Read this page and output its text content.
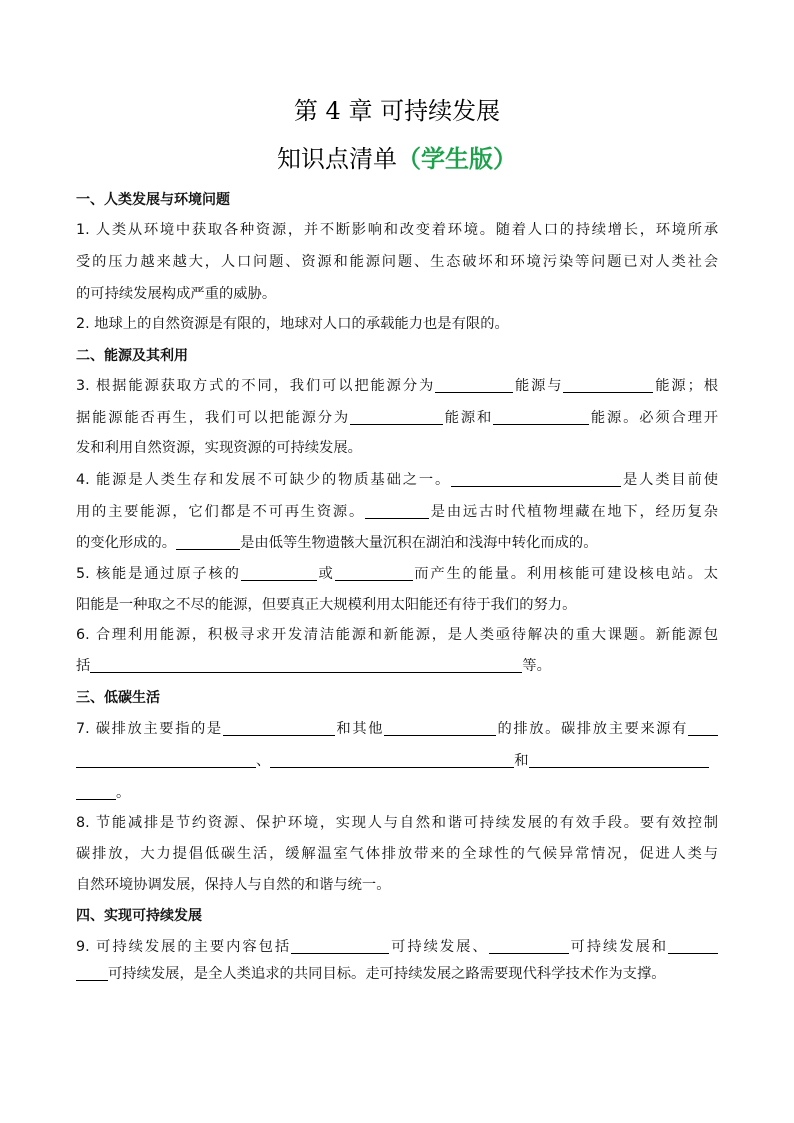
第 4 章 可持续发展
知识点清单（学生版）
一、人类发展与环境问题
1. 人类从环境中获取各种资源，并不断影响和改变着环境。随着人口的持续增长，环境所承
受的压力越来越大，人口问题、资源和能源问题、生态破坏和环境污染等问题已对人类社会
的可持续发展构成严重的威胁。
2. 地球上的自然资源是有限的，地球对人口的承载能力也是有限的。
二、能源及其利用
3. 根据能源获取方式的不同，我们可以把能源分为	能源与	能源；根
据能源能否再生，我们可以把能源分为	能源和	能源。必须合理开
发和利用自然资源，实现资源的可持续发展。
4. 能源是人类生存和发展不可缺少的物质基础之一。	是人类目前使
用的主要能源，它们都是不可再生资源。	是由远古时代植物埋藏在地下，经历复杂
的变化形成的。	是由低等生物遗骸大量沉积在湖泊和浅海中转化而成的。
5. 核能是通过原子核的	或	而产生的能量。利用核能可建设核电站。太
阳能是一种取之不尽的能源，但要真正大规模利用太阳能还有待于我们的努力。
6. 合理利用能源，积极寻求开发清洁能源和新能源，是人类亟待解决的重大课题。新能源包
括	等。
三、低碳生活
7. 碳排放主要指的是	和其他	的排放。碳排放主要来源有
、	和
。
8. 节能减排是节约资源、保护环境，实现人与自然和谐可持续发展的有效手段。要有效控制
碳排放，大力提倡低碳生活，缓解温室气体排放带来的全球性的气候异常情况，促进人类与
自然环境协调发展，保持人与自然的和谐与统一。
四、实现可持续发展
9. 可持续发展的主要内容包括	可持续发展、	可持续发展和
可持续发展，是全人类追求的共同目标。走可持续发展之路需要现代科学技术作为支撑。
